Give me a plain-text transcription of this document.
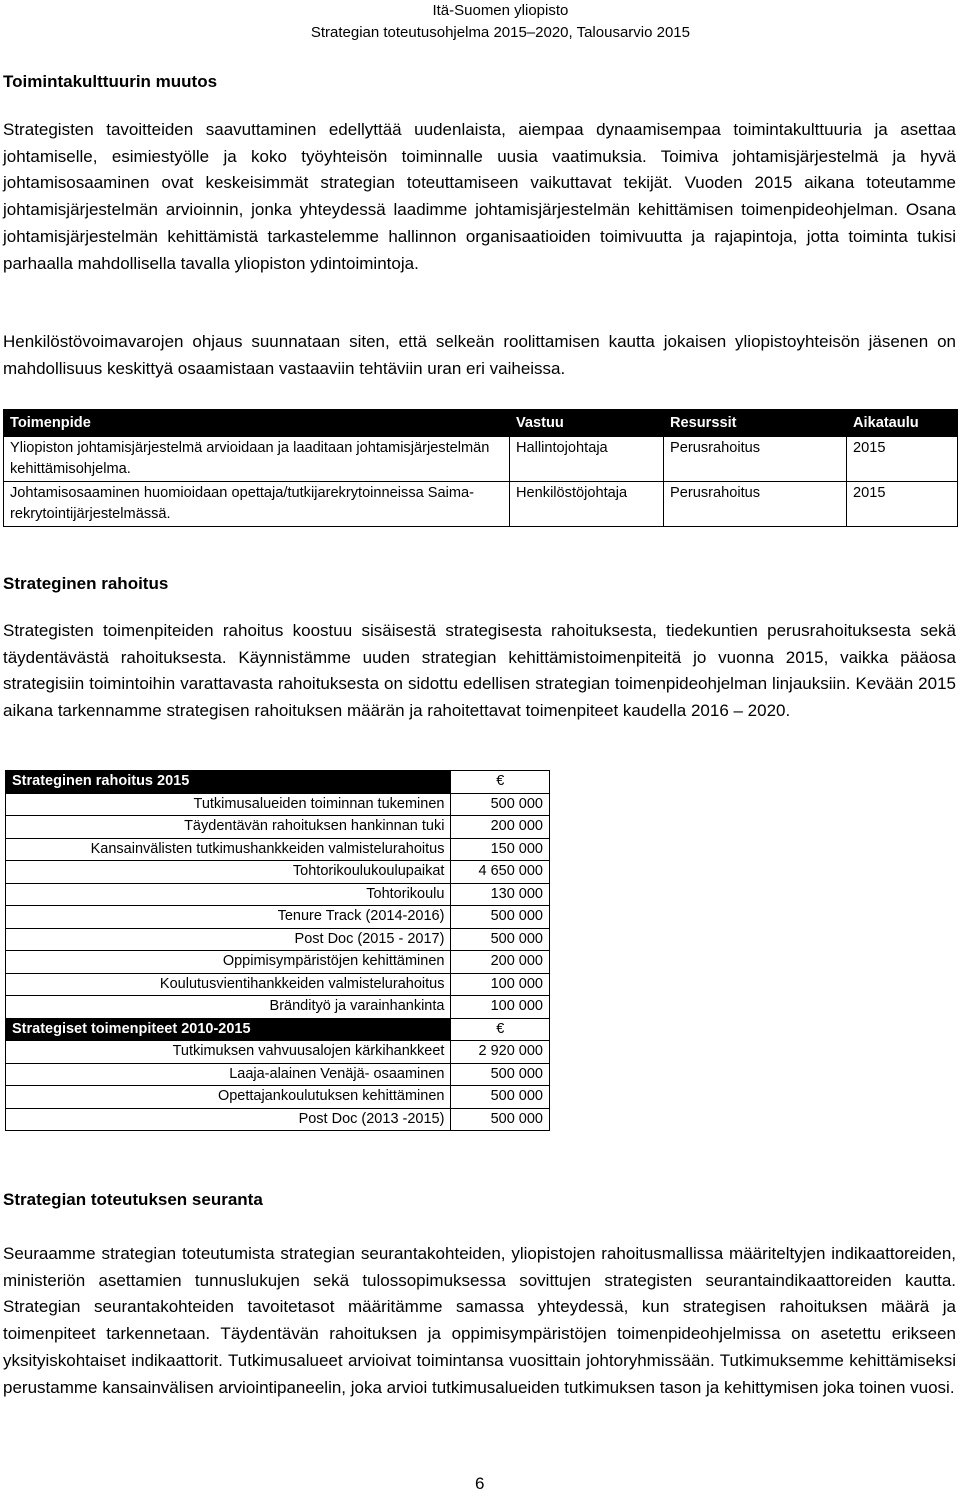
Itä-Suomen yliopisto
Strategian toteutusohjelma 2015–2020, Talousarvio 2015
Toimintakulttuurin muutos

Strategisten tavoitteiden saavuttaminen edellyttää uudenlaista, aiempaa dynaamisempaa toimintakulttuuria ja asettaa johtamiselle, esimiestyölle ja koko työyhteisön toiminnalle uusia vaatimuksia. Toimiva johtamisjärjestelmä ja hyvä johtamisosaaminen ovat keskeisimmät strategian toteuttamiseen vaikuttavat tekijät. Vuoden 2015 aikana toteutamme johtamisjärjestelmän arvioinnin, jonka yhteydessä laadimme johtamisjärjestelmän kehittämisen toimenpideohjelman. Osana johtamisjärjestelmän kehittämistä tarkastelemme hallinnon organisaatioiden toimivuutta ja rajapintoja, jotta toiminta tukisi parhaalla mahdollisella tavalla yliopiston ydintoimintoja.

Henkilöstövoimavarojen ohjaus suunnataan siten, että selkeän roolittamisen kautta jokaisen yliopistoyhteisön jäsenen on mahdollisuus keskittyä osaamistaan vastaaviin tehtäviin uran eri vaiheissa.

Toimenpide	Vastuu	Resurssit	Aikataulu
Yliopiston johtamisjärjestelmä arvioidaan ja laaditaan johtamisjärjestelmän kehittämisohjelma.	Hallintojohtaja	Perusrahoitus	2015
Johtamisosaaminen huomioidaan opettaja/tutkijarekrytoinneissa Saima-rekrytointijärjestelmässä.	Henkilöstöjohtaja	Perusrahoitus	2015
Strateginen rahoitus

Strategisten toimenpiteiden rahoitus koostuu sisäisestä strategisesta rahoituksesta, tiedekuntien perusrahoituksesta sekä täydentävästä rahoituksesta. Käynnistämme uuden strategian kehittämistoimenpiteitä jo vuonna 2015, vaikka pääosa strategisiin toimintoihin varattavasta rahoituksesta on sidottu edellisen strategian toimenpideohjelman linjauksiin. Kevään 2015 aikana tarkennamme strategisen rahoituksen määrän ja rahoitettavat toimenpiteet kaudella 2016 – 2020.

Strateginen rahoitus 2015	€
Tutkimusalueiden toiminnan tukeminen	500 000
Täydentävän rahoituksen hankinnan tuki	200 000
Kansainvälisten tutkimushankkeiden valmistelurahoitus	150 000
Tohtorikoulukoulupaikat	4 650 000
Tohtorikoulu	130 000
Tenure Track (2014-2016)	500 000
Post Doc (2015 - 2017)	500 000
Oppimisympäristöjen kehittäminen	200 000
Koulutusvientihankkeiden valmistelurahoitus	100 000
Brändityö ja varainhankinta	100 000
Strategiset toimenpiteet 2010-2015	€
Tutkimuksen vahvuusalojen kärkihankkeet	2 920 000
Laaja-alainen Venäjä- osaaminen	500 000
Opettajankoulutuksen kehittäminen	500 000
Post Doc (2013 -2015)	500 000
Strategian toteutuksen seuranta

Seuraamme strategian toteutumista strategian seurantakohteiden, yliopistojen rahoitusmallissa määriteltyjen indikaattoreiden, ministeriön asettamien tunnuslukujen sekä tulossopimuksessa sovittujen strategisten seurantaindikaattoreiden kautta. Strategian seurantakohteiden tavoitetasot määritämme samassa yhteydessä, kun strategisen rahoituksen määrä ja toimenpiteet tarkennetaan. Täydentävän rahoituksen ja oppimisympäristöjen toimenpideohjelmissa on asetettu erikseen yksityiskohtaiset indikaattorit. Tutkimusalueet arvioivat toimintansa vuosittain johtoryhmissään. Tutkimuksemme kehittämiseksi perustamme kansainvälisen arviointipaneelin, joka arvioi tutkimusalueiden tutkimuksen tason ja kehittymisen joka toinen vuosi.

6
